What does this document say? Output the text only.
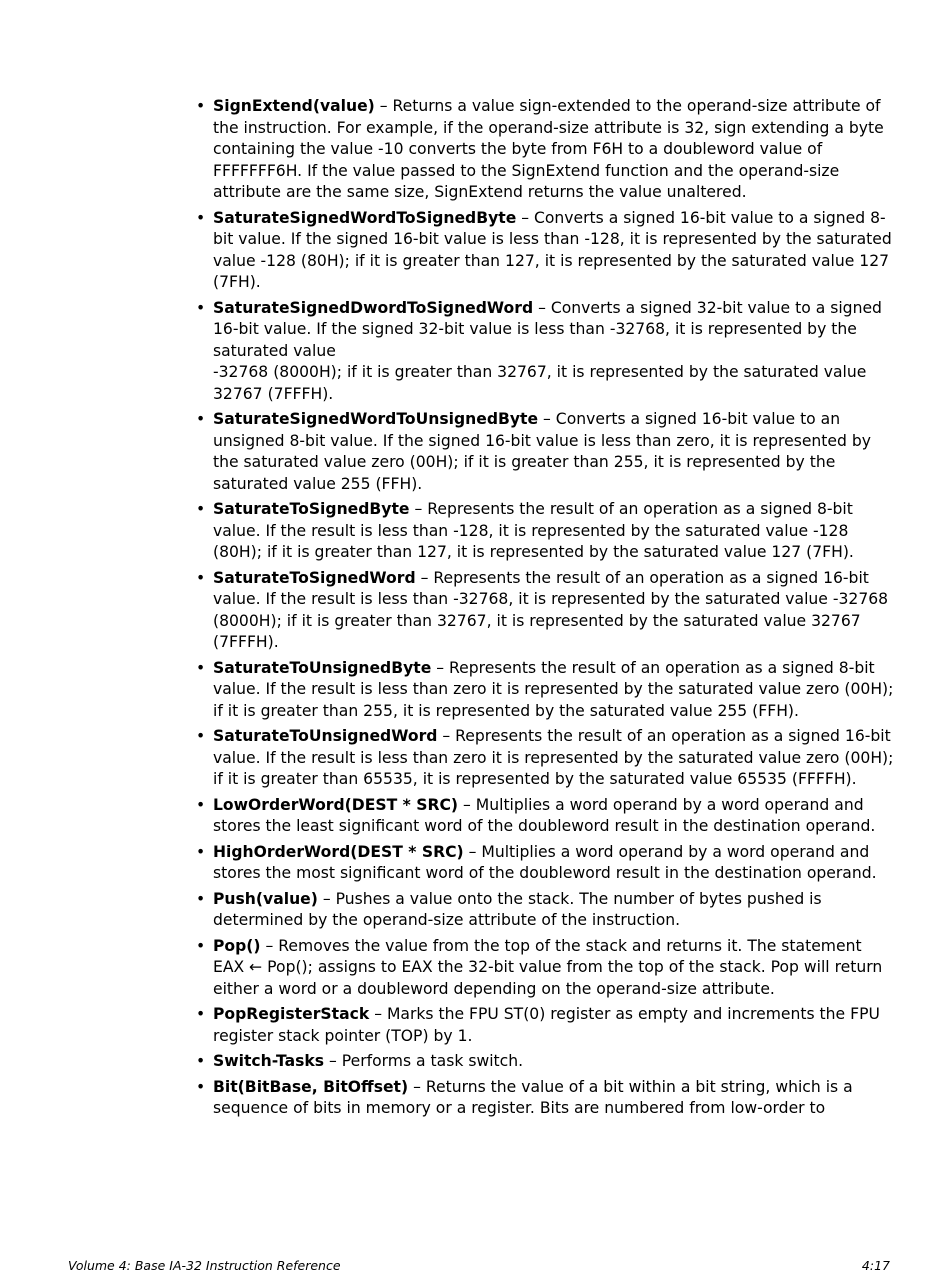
• SignExtend(value) – Returns a value sign-extended to the operand-size attribute of the instruction. For example, if the operand-size attribute is 32, sign extending a byte containing the value -10 converts the byte from F6H to a doubleword value of FFFFFFF6H. If the value passed to the SignExtend function and the operand-size attribute are the same size, SignExtend returns the value unaltered.
• SaturateSignedWordToSignedByte – Converts a signed 16-bit value to a signed 8-bit value. If the signed 16-bit value is less than -128, it is represented by the saturated value -128 (80H); if it is greater than 127, it is represented by the saturated value 127 (7FH).
• SaturateSignedDwordToSignedWord – Converts a signed 32-bit value to a signed 16-bit value. If the signed 32-bit value is less than -32768, it is represented by the saturated value
-32768 (8000H); if it is greater than 32767, it is represented by the saturated value 32767 (7FFFH).
• SaturateSignedWordToUnsignedByte – Converts a signed 16-bit value to an unsigned 8-bit value. If the signed 16-bit value is less than zero, it is represented by the saturated value zero (00H); if it is greater than 255, it is represented by the saturated value 255 (FFH).
• SaturateToSignedByte – Represents the result of an operation as a signed 8-bit value. If the result is less than -128, it is represented by the saturated value -128 (80H); if it is greater than 127, it is represented by the saturated value 127 (7FH).
• SaturateToSignedWord – Represents the result of an operation as a signed 16-bit value. If the result is less than -32768, it is represented by the saturated value -32768 (8000H); if it is greater than 32767, it is represented by the saturated value 32767 (7FFFH).
• SaturateToUnsignedByte – Represents the result of an operation as a signed 8-bit value. If the result is less than zero it is represented by the saturated value zero (00H); if it is greater than 255, it is represented by the saturated value 255 (FFH).
• SaturateToUnsignedWord – Represents the result of an operation as a signed 16-bit value. If the result is less than zero it is represented by the saturated value zero (00H); if it is greater than 65535, it is represented by the saturated value 65535 (FFFFH).
• LowOrderWord(DEST * SRC) – Multiplies a word operand by a word operand and stores the least significant word of the doubleword result in the destination operand.
• HighOrderWord(DEST * SRC) – Multiplies a word operand by a word operand and stores the most significant word of the doubleword result in the destination operand.
• Push(value) – Pushes a value onto the stack. The number of bytes pushed is determined by the operand-size attribute of the instruction.
• Pop() – Removes the value from the top of the stack and returns it. The statement EAX ← Pop(); assigns to EAX the 32-bit value from the top of the stack. Pop will return either a word or a doubleword depending on the operand-size attribute.
• PopRegisterStack – Marks the FPU ST(0) register as empty and increments the FPU register stack pointer (TOP) by 1.
• Switch-Tasks – Performs a task switch.
• Bit(BitBase, BitOffset) – Returns the value of a bit within a bit string, which is a sequence of bits in memory or a register. Bits are numbered from low-order to
Volume 4: Base IA-32 Instruction Reference	4:17
